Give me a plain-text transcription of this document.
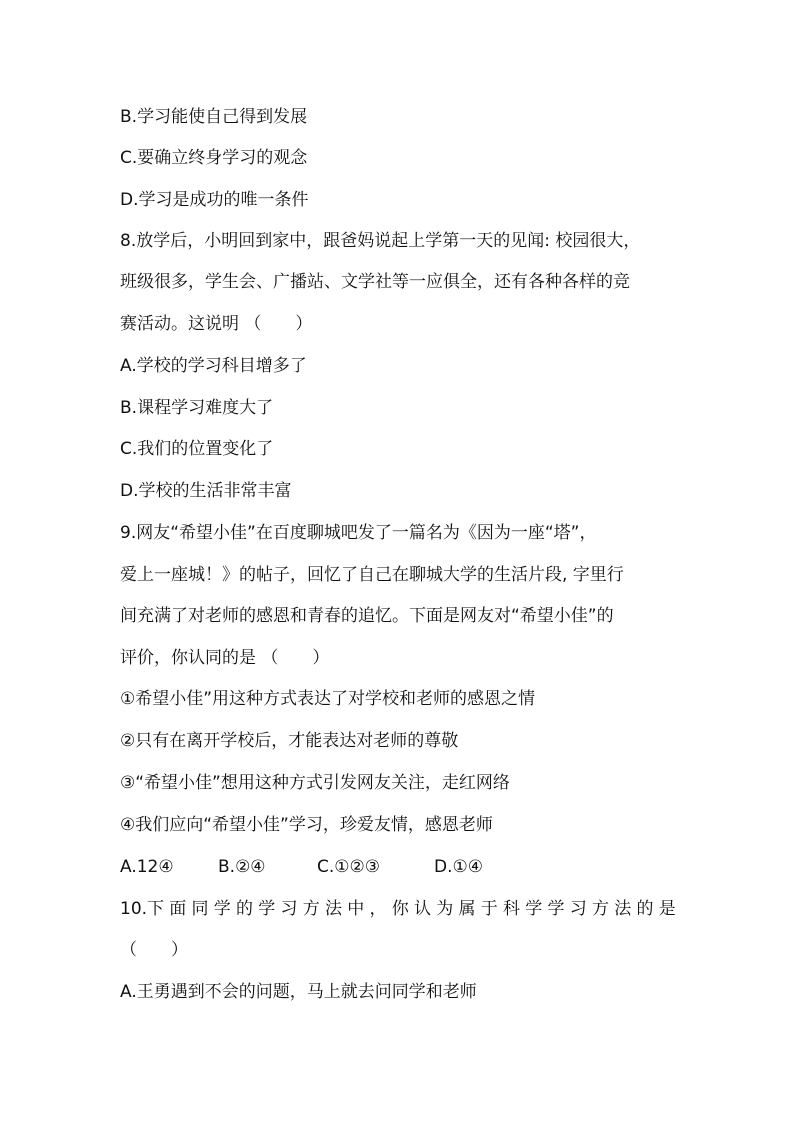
B.学习能使自己得到发展
C.要确立终身学习的观念
D.学习是成功的唯一条件
8.放学后，小明回到家中，跟爸妈说起上学第一天的见闻: 校园很大，
班级很多，学生会、广播站、文学社等一应俱全，还有各种各样的竞
赛活动。这说明 （　　）
A.学校的学习科目增多了
B.课程学习难度大了
C.我们的位置变化了
D.学校的生活非常丰富
9.网友“希望小佳”在百度聊城吧发了一篇名为《因为一座“塔”，
爱上一座城！》的帖子，回忆了自己在聊城大学的生活片段, 字里行
间充满了对老师的感恩和青春的追忆。下面是网友对“希望小佳”的
评价，你认同的是 （　　）
①希望小佳”用这种方式表达了对学校和老师的感恩之情
②只有在离开学校后，才能表达对老师的尊敬
③“希望小佳”想用这种方式引发网友关注，走红网络
④我们应向“希望小佳”学习，珍爱友情，感恩老师
A.12④	B.②④	C.①②③	D.①④
10.下 面 同 学 的 学 习 方 法 中 ， 你 认 为 属 于 科 学 学 习 方 法 的 是
（　　）
A.王勇遇到不会的问题，马上就去问同学和老师
